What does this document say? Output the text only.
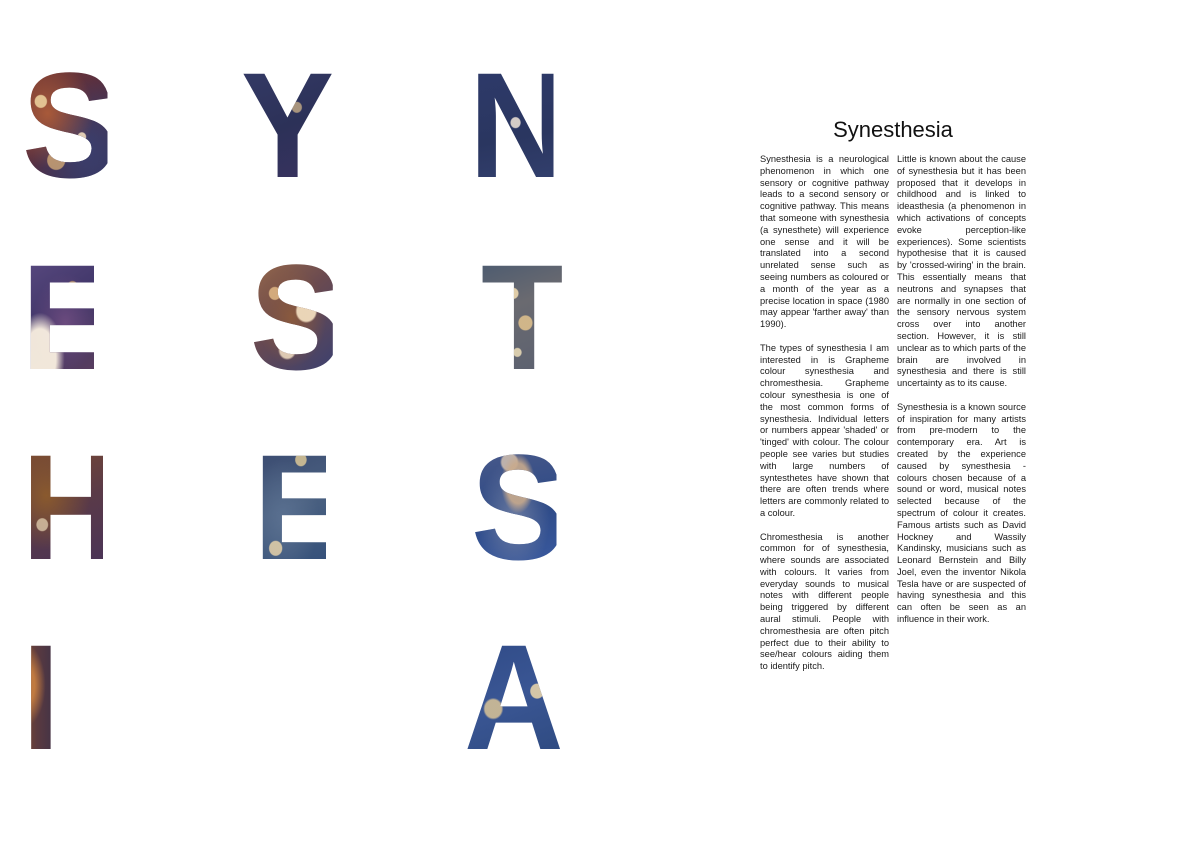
S Y N
E S T
H E S
I	A
Synesthesia

Synesthesia is a neurological phenomenon in which one sensory or cognitive pathway leads to a second sensory or cognitive pathway. This means that someone with synesthesia (a synesthete) will experience one sense and it will be translated into a second unrelated sense such as seeing numbers as coloured or a month of the year as a precise location in space (1980 may appear 'farther away' than 1990).

The types of synesthesia I am interested in is Grapheme colour synesthesia and chromesthesia. Grapheme colour synesthesia is one of the most common forms of synesthesia. Individual letters or numbers appear 'shaded' or 'tinged' with colour. The colour people see varies but studies with large numbers of syntesthetes have shown that there are often trends where letters are commonly related to a colour.

Chromesthesia is another common for of synesthesia, where sounds are associated with colours. It varies from everyday sounds to musical notes with different people being triggered by different aural stimuli. People with chromesthesia are often pitch perfect due to their ability to see/hear colours aiding them to identify pitch.

Little is known about the cause of synesthesia but it has been proposed that it develops in childhood and is linked to ideasthesia (a phenomenon in which activations of concepts evoke perception-like experiences). Some scientists hypothesise that it is caused by 'crossed-wiring' in the brain. This essentially means that neutrons and synapses that are normally in one section of the sensory nervous system cross over into another section. However, it is still unclear as to which parts of the brain are involved in synesthesia and there is still uncertainty as to its cause.

Synesthesia is a known source of inspiration for many artists from pre-modern to the contemporary era. Art is created by the experience caused by synesthesia - colours chosen because of a sound or word, musical notes selected because of the spectrum of colour it creates. Famous artists such as David Hockney and Wassily Kandinsky, musicians such as Leonard Bernstein and Billy Joel, even the inventor Nikola Tesla have or are suspected of having synesthesia and this can often be seen as an influence in their work.
